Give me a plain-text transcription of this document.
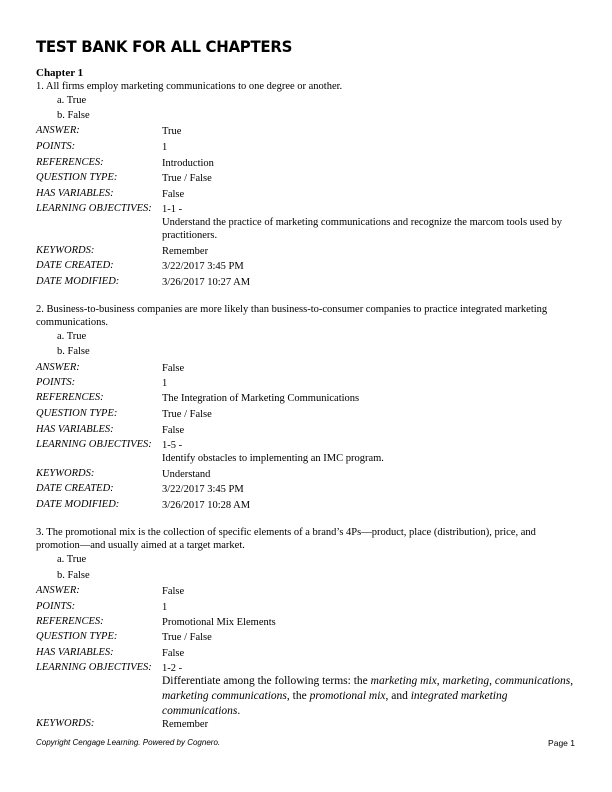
TEST BANK FOR ALL CHAPTERS
Chapter 1
1. All firms employ marketing communications to one degree or another.
a. True
b. False
ANSWER:	True
POINTS:	1
REFERENCES:	Introduction
QUESTION TYPE:	True / False
HAS VARIABLES:	False
LEARNING OBJECTIVES: 1-1 -
Understand the practice of marketing communications and recognize the marcom tools used by practitioners.
KEYWORDS:	Remember
DATE CREATED:	3/22/2017 3:45 PM
DATE MODIFIED:	3/26/2017 10:27 AM
2. Business-to-business companies are more likely than business-to-consumer companies to practice integrated marketing communications.
a. True
b. False
ANSWER:	False
POINTS:	1
REFERENCES:	The Integration of Marketing Communications
QUESTION TYPE:	True / False
HAS VARIABLES:	False
LEARNING OBJECTIVES: 1-5 -
Identify obstacles to implementing an IMC program.
KEYWORDS:	Understand
DATE CREATED:	3/22/2017 3:45 PM
DATE MODIFIED:	3/26/2017 10:28 AM
3. The promotional mix is the collection of specific elements of a brand’s 4Ps—product, place (distribution), price, and promotion—and usually aimed at a target market.
a. True
b. False
ANSWER:	False
POINTS:	1
REFERENCES:	Promotional Mix Elements
QUESTION TYPE:	True / False
HAS VARIABLES:	False
LEARNING OBJECTIVES: 1-2 -
Differentiate among the following terms: the marketing mix, marketing, communications, marketing communications, the promotional mix, and integrated marketing communications.
KEYWORDS:	Remember
Copyright Cengage Learning. Powered by Cognero.	Page 1
